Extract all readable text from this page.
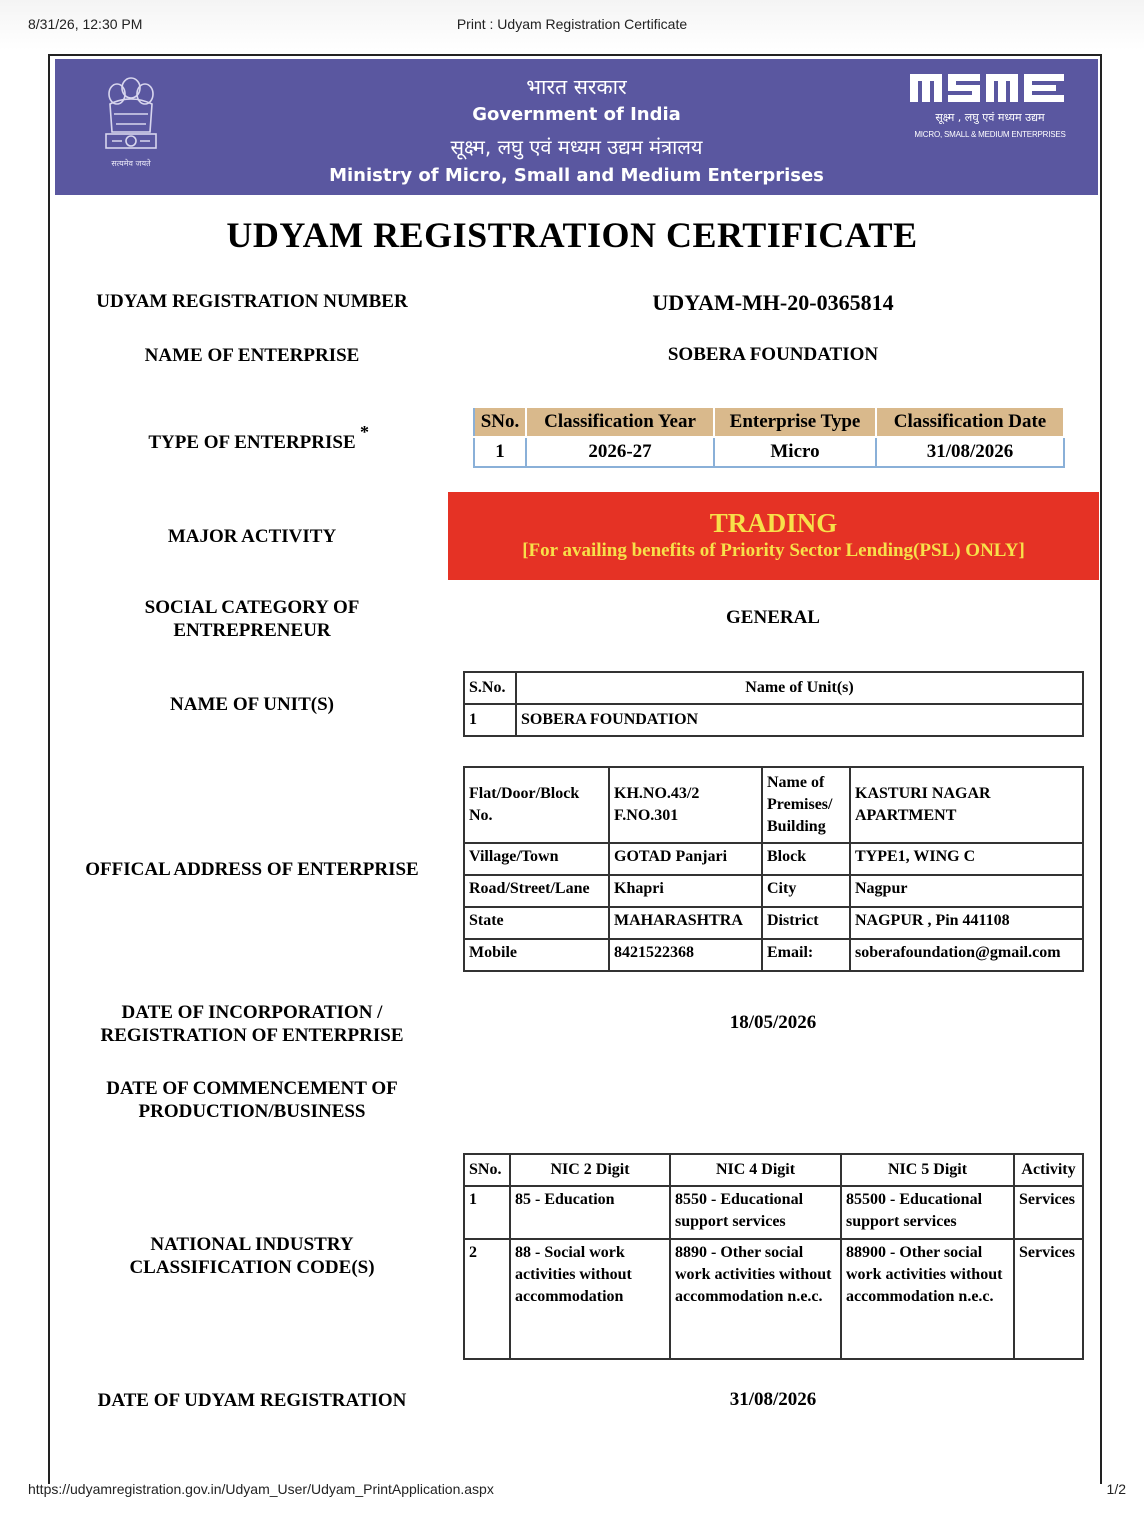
8/31/26, 12:30 PM	Print : Udyam Registration Certificate
भारत सरकार
Government of India
सूक्ष्म, लघु एवं मध्यम उद्यम मंत्रालय
Ministry of Micro, Small and Medium Enterprises
सत्यमेव जयते
सूक्ष्म , लघु एवं मध्यम उद्यम
MICRO, SMALL & MEDIUM ENTERPRISES
UDYAM REGISTRATION CERTIFICATE
UDYAM REGISTRATION NUMBER	UDYAM-MH-20-0365814
NAME OF ENTERPRISE	SOBERA FOUNDATION
TYPE OF ENTERPRISE *	SNo.	Classification Year	Enterprise Type	Classification Date
1	2026-27	Micro	31/08/2026
MAJOR ACTIVITY	TRADING
[For availing benefits of Priority Sector Lending(PSL) ONLY]
SOCIAL CATEGORY OF
ENTREPRENEUR
GENERAL
NAME OF UNIT(S)
S.No.	Name of Unit(s)
1	SOBERA FOUNDATION
OFFICAL ADDRESS OF ENTERPRISE
Flat/Door/Block No.	KH.NO.43/2 F.NO.301	Name of Premises/ Building	KASTURI NAGAR APARTMENT
Village/Town	GOTAD Panjari	Block	TYPE1, WING C
Road/Street/Lane	Khapri	City	Nagpur
State	MAHARASHTRA	District	NAGPUR , Pin 441108
Mobile	8421522368	Email:	soberafoundation@gmail.com
DATE OF INCORPORATION /
REGISTRATION OF ENTERPRISE
18/05/2026
DATE OF COMMENCEMENT OF
PRODUCTION/BUSINESS
NATIONAL INDUSTRY
CLASSIFICATION CODE(S)
SNo.	NIC 2 Digit	NIC 4 Digit	NIC 5 Digit	Activity
1	85 - Education	8550 - Educational support services	85500 - Educational support services	Services
2	88 - Social work activities without accommodation	8890 - Other social work activities without accommodation n.e.c.	88900 - Other social work activities without accommodation n.e.c.	Services
DATE OF UDYAM REGISTRATION	31/08/2026
https://udyamregistration.gov.in/Udyam_User/Udyam_PrintApplication.aspx	1/2
